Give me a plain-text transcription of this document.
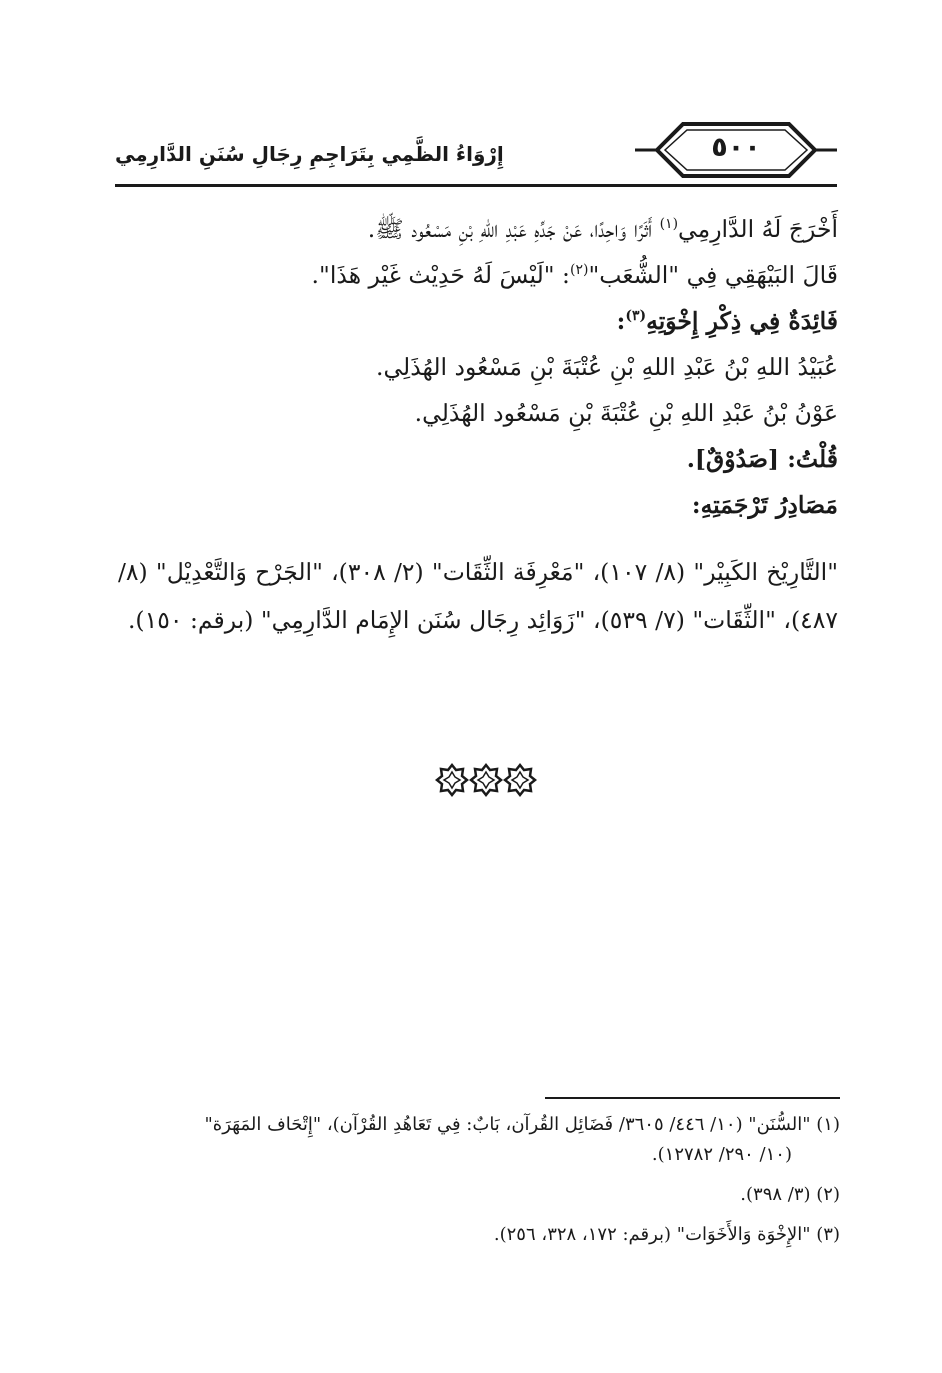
٥٠٠
إِرْوَاءُ الظَّمِي بِتَرَاجِمِ رِجَالِ سُنَنِ الدَّارِمِي
أَخْرَجَ لَهُ الدَّارِمِي$^{(١)}$ أَثَرًا وَاحِدًا، عَنْ جَدِّهِ عَبْدِ اللهِ بْنِ مَسْعُود ﷺ.
قَالَ البَيْهَقِي فِي "الشُّعَب"$^{(٢)}$: "لَيْسَ لَهُ حَدِيْث غَيْر هَذَا".
فَائِدَةٌ فِي ذِكْرِ إِخْوَتِهِ$^{(٣)}$:
عُبَيْدُ اللهِ بْنُ عَبْدِ اللهِ بْنِ عُتْبَةَ بْنِ مَسْعُود الهُذَلِي.
عَوْنُ بْنُ عَبْدِ اللهِ بْنِ عُتْبَةَ بْنِ مَسْعُود الهُذَلِي.
قُلْتُ: [صَدُوْقٌ].
مَصَادِرُ تَرْجَمَتِهِ:
"التَّارِيْخ الكَبِيْر" (٨/ ١٠٧)، "مَعْرِفَة الثِّقَات" (٢/ ٣٠٨)، "الجَرْح وَالتَّعْدِيْل" (٨/ ٤٨٧)، "الثِّقَات" (٧/ ٥٣٩)، "زَوَائِد رِجَال سُنَن الإِمَام الدَّارِمِي" (برقم: ١٥٠).
(١) "السُّنَن" (١٠/ ٤٤٦/ ٣٦٠٥/ فَضَائِل القُرآن، بَابٌ: فِي تَعَاهُدِ القُرْآن)، "إِتْحَاف المَهَرَة"
(١٠/ ٢٩٠/ ١٢٧٨٢).
(٢) (٣/ ٣٩٨).
(٣) "الإِخْوَة وَالأَخَوَات" (برقم: ١٧٢، ٣٢٨، ٢٥٦).
